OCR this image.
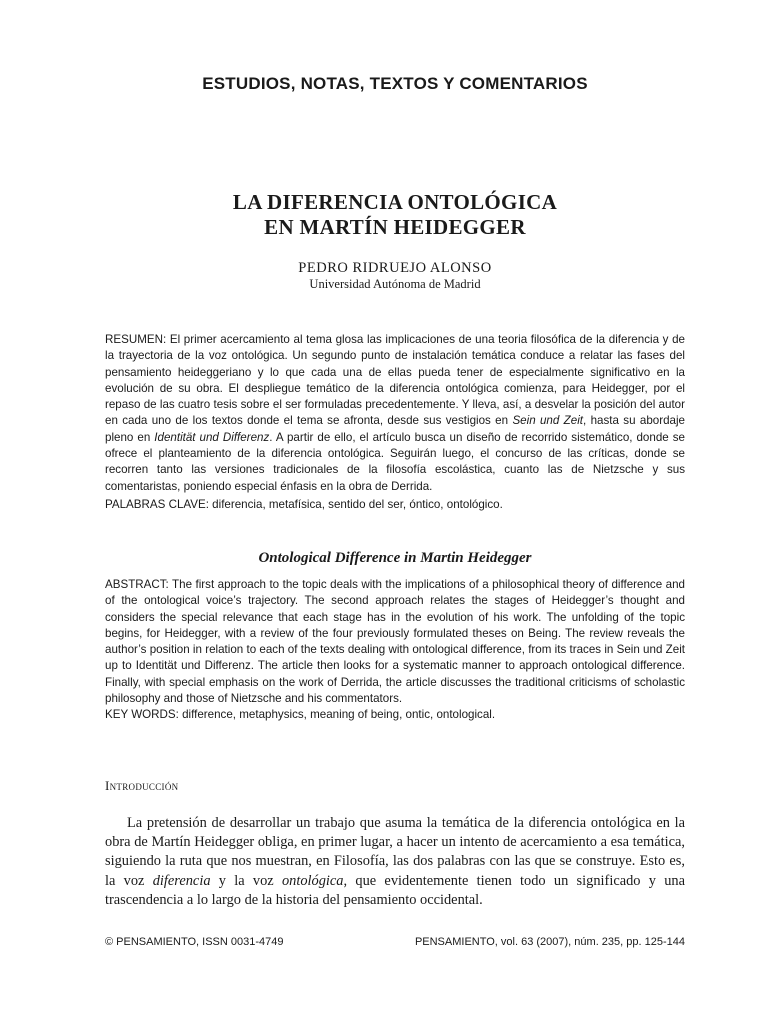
ESTUDIOS, NOTAS, TEXTOS Y COMENTARIOS
LA DIFERENCIA ONTOLÓGICA
EN MARTÍN HEIDEGGER
PEDRO RIDRUEJO ALONSO
Universidad Autónoma de Madrid

RESUMEN: El primer acercamiento al tema glosa las implicaciones de una teoria filosófica de la diferencia y de la trayectoria de la voz ontológica. Un segundo punto de instalación temática conduce a relatar las fases del pensamiento heideggeriano y lo que cada una de ellas pueda tener de especialmente significativo en la evolución de su obra. El despliegue temático de la diferencia ontológica comienza, para Heidegger, por el repaso de las cuatro tesis sobre el ser formuladas precedentemente. Y lleva, así, a desvelar la posición del autor en cada uno de los textos donde el tema se afronta, desde sus vestigios en Sein und Zeit, hasta su abordaje pleno en Identität und Differenz. A partir de ello, el artículo busca un diseño de recorrido sistemático, donde se ofrece el planteamiento de la diferencia ontológica. Seguirán luego, el concurso de las críticas, donde se recorren tanto las versiones tradicionales de la filosofía escolástica, cuanto las de Nietzsche y sus comentaristas, poniendo especial énfasis en la obra de Derrida.

PALABRAS CLAVE: diferencia, metafísica, sentido del ser, óntico, ontológico.

Ontological Difference in Martin Heidegger

ABSTRACT: The first approach to the topic deals with the implications of a philosophical theory of difference and of the ontological voice’s trajectory. The second approach relates the stages of Heidegger’s thought and considers the special relevance that each stage has in the evolution of his work. The unfolding of the topic begins, for Heidegger, with a review of the four previously formulated theses on Being. The review reveals the author’s position in relation to each of the texts dealing with ontological difference, from its traces in Sein und Zeit up to Identität und Differenz. The article then looks for a systematic manner to approach ontological difference. Finally, with special emphasis on the work of Derrida, the article discusses the traditional criticisms of scholastic philosophy and those of Nietzsche and his commentators.

KEY WORDS: difference, metaphysics, meaning of being, ontic, ontological.

Introducción

La pretensión de desarrollar un trabajo que asuma la temática de la diferencia ontológica en la obra de Martín Heidegger obliga, en primer lugar, a hacer un intento de acercamiento a esa temática, siguiendo la ruta que nos muestran, en Filosofía, las dos palabras con las que se construye. Esto es, la voz diferencia y la voz ontológica, que evidentemente tienen todo un significado y una trascendencia a lo largo de la historia del pensamiento occidental.

© PENSAMIENTO, ISSN 0031-4749	PENSAMIENTO, vol. 63 (2007), núm. 235, pp. 125-144
